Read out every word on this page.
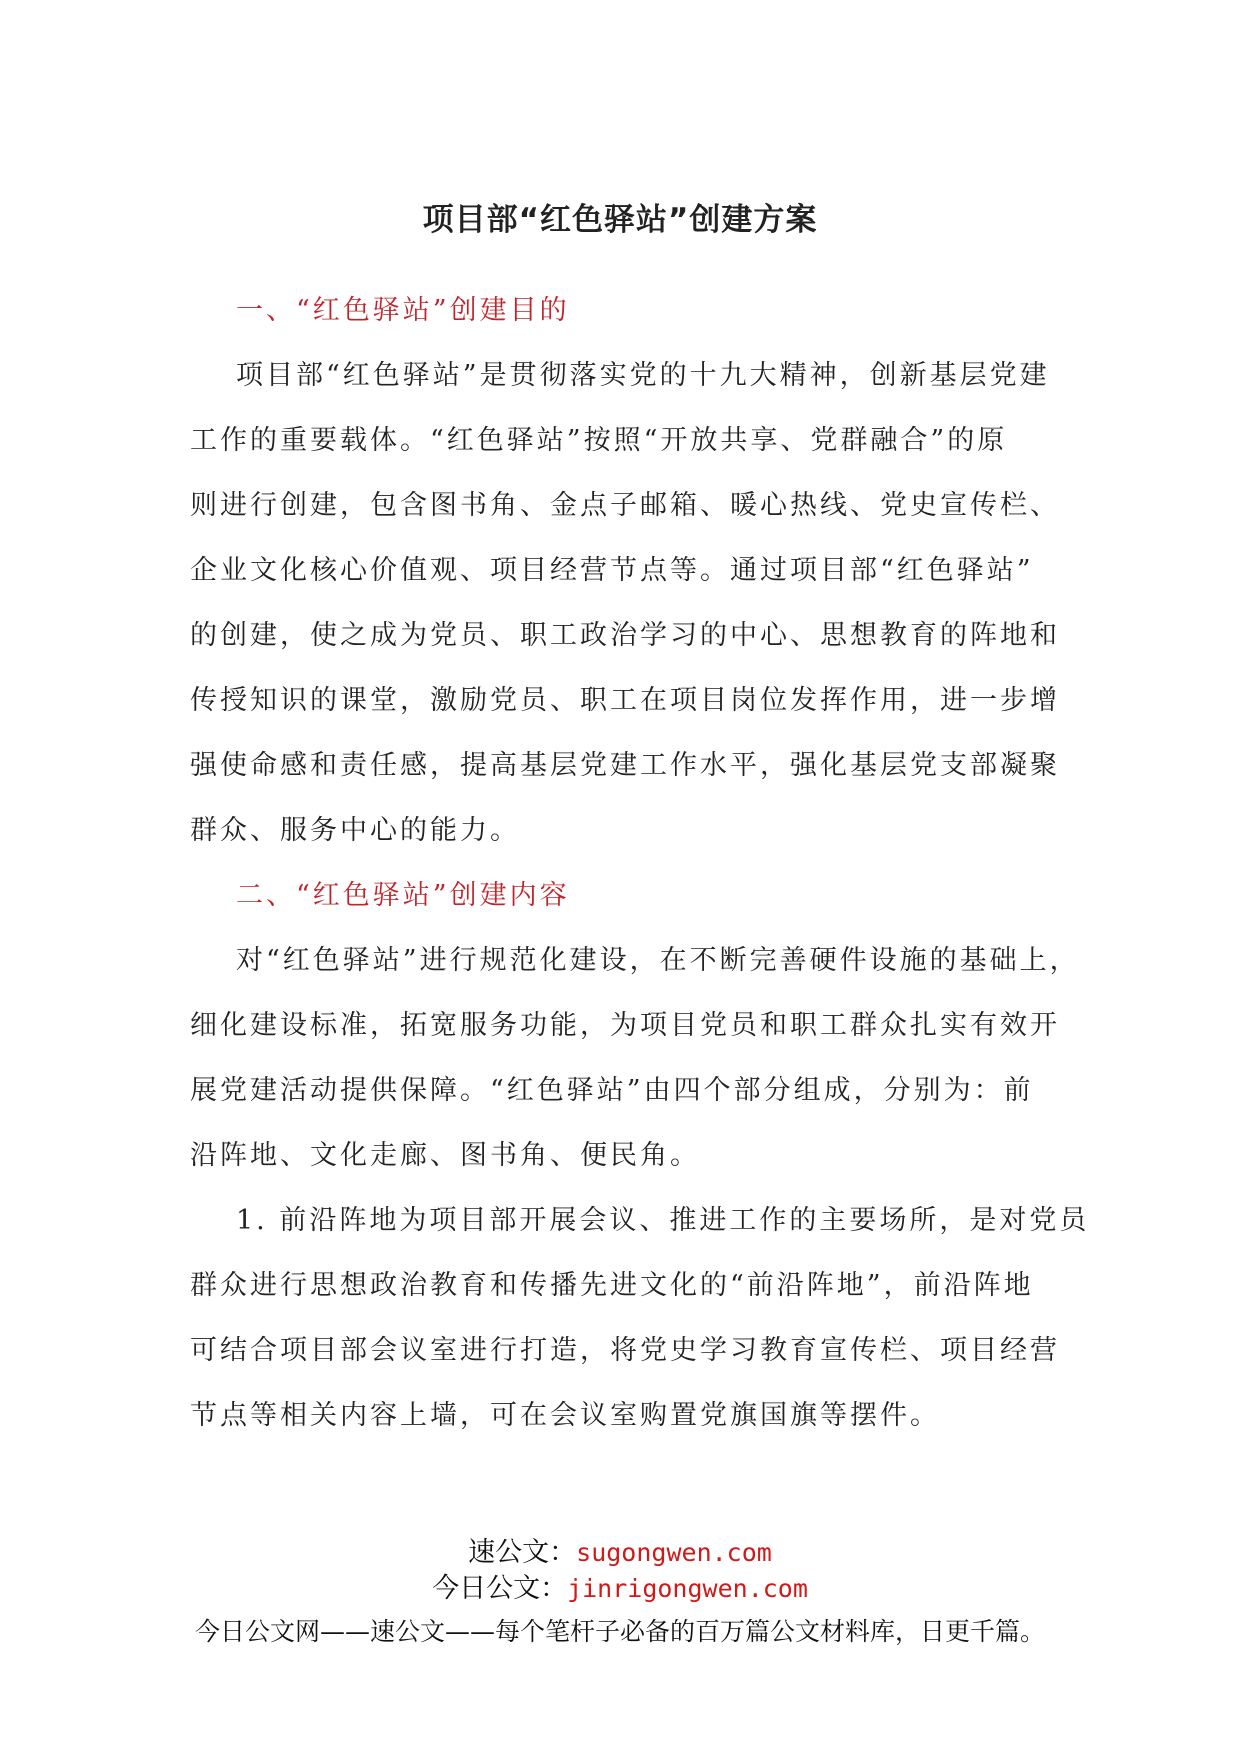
项目部“红色驿站”创建方案
一、“红色驿站”创建目的
项目部“红色驿站”是贯彻落实党的十九大精神，创新基层党建
工作的重要载体。“红色驿站”按照“开放共享、党群融合”的原
则进行创建，包含图书角、金点子邮箱、暖心热线、党史宣传栏、
企业文化核心价值观、项目经营节点等。通过项目部“红色驿站”
的创建，使之成为党员、职工政治学习的中心、思想教育的阵地和
传授知识的课堂，激励党员、职工在项目岗位发挥作用，进一步增
强使命感和责任感，提高基层党建工作水平，强化基层党支部凝聚
群众、服务中心的能力。
二、“红色驿站”创建内容
对“红色驿站”进行规范化建设，在不断完善硬件设施的基础上，
细化建设标准，拓宽服务功能，为项目党员和职工群众扎实有效开
展党建活动提供保障。“红色驿站”由四个部分组成，分别为：前
沿阵地、文化走廊、图书角、便民角。
1. 前沿阵地为项目部开展会议、推进工作的主要场所，是对党员
群众进行思想政治教育和传播先进文化的“前沿阵地”，前沿阵地
可结合项目部会议室进行打造，将党史学习教育宣传栏、项目经营
节点等相关内容上墙，可在会议室购置党旗国旗等摆件。
速公文：sugongwen.com
今日公文：jinrigongwen.com
今日公文网——速公文——每个笔杆子必备的百万篇公文材料库，日更千篇。
